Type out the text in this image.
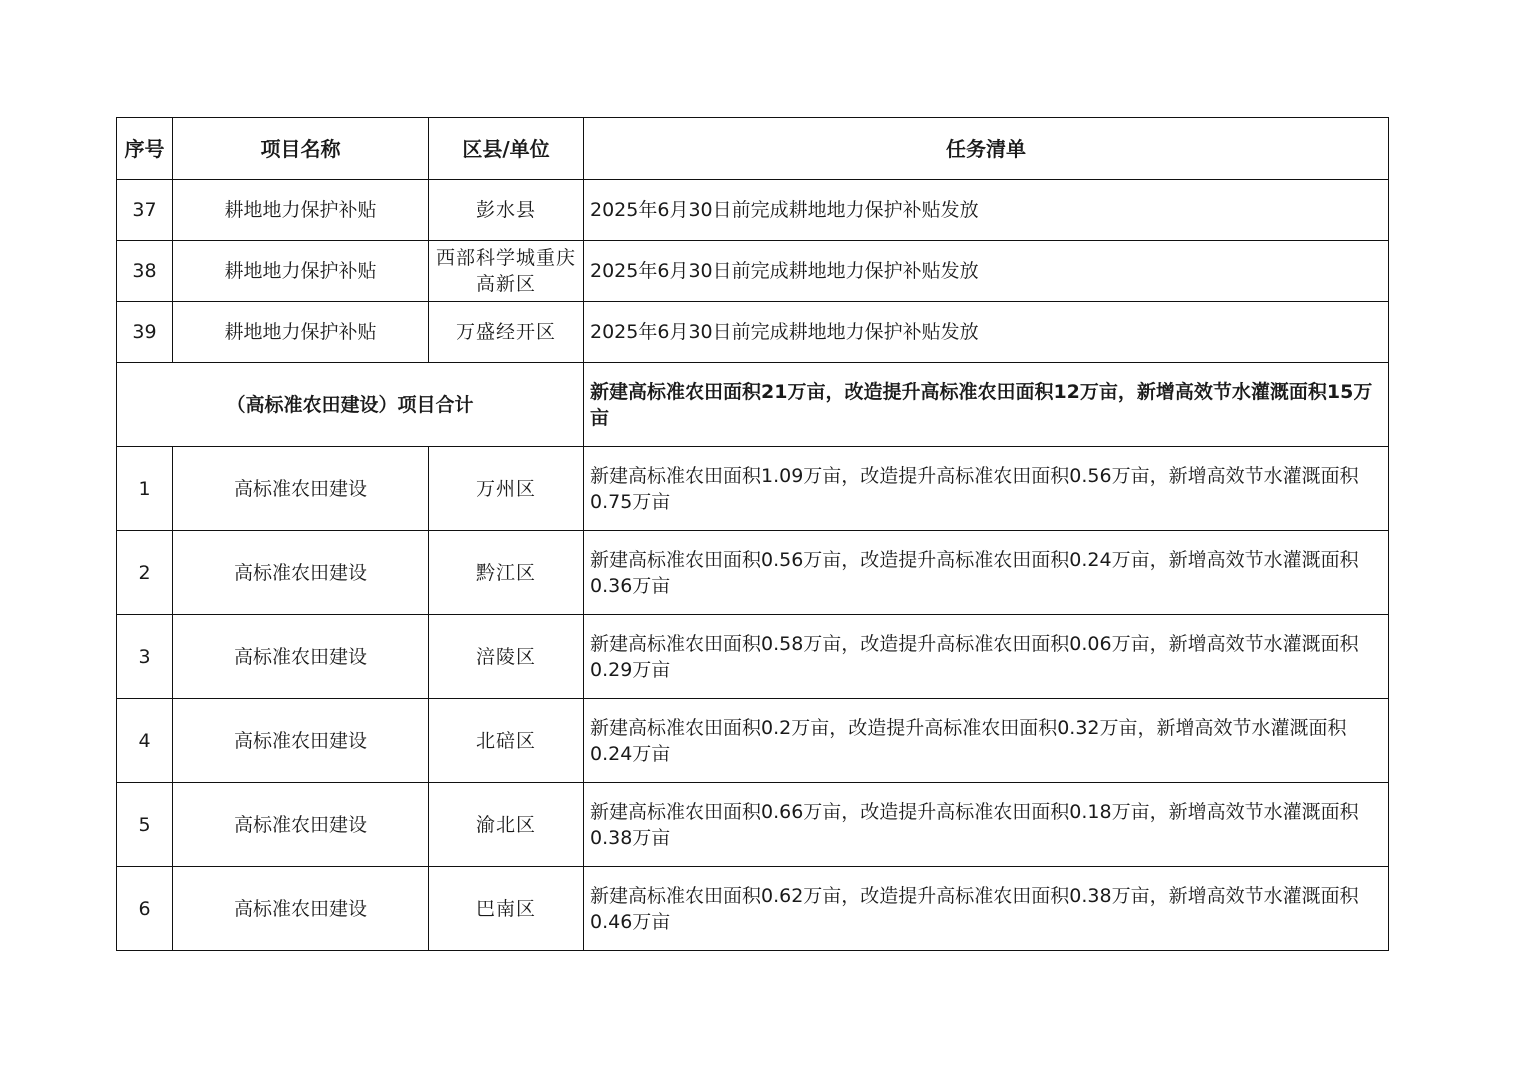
序号	项目名称	区县/单位	任务清单
37	耕地地力保护补贴	彭水县	2025年6月30日前完成耕地地力保护补贴发放
38	耕地地力保护补贴	西部科学城重庆高新区	2025年6月30日前完成耕地地力保护补贴发放
39	耕地地力保护补贴	万盛经开区	2025年6月30日前完成耕地地力保护补贴发放
（高标准农田建设）项目合计			新建高标准农田面积21万亩，改造提升高标准农田面积12万亩，新增高效节水灌溉面积15万亩
1	高标准农田建设	万州区	新建高标准农田面积1.09万亩，改造提升高标准农田面积0.56万亩，新增高效节水灌溉面积0.75万亩
2	高标准农田建设	黔江区	新建高标准农田面积0.56万亩，改造提升高标准农田面积0.24万亩，新增高效节水灌溉面积0.36万亩
3	高标准农田建设	涪陵区	新建高标准农田面积0.58万亩，改造提升高标准农田面积0.06万亩，新增高效节水灌溉面积0.29万亩
4	高标准农田建设	北碚区	新建高标准农田面积0.2万亩，改造提升高标准农田面积0.32万亩，新增高效节水灌溉面积0.24万亩
5	高标准农田建设	渝北区	新建高标准农田面积0.66万亩，改造提升高标准农田面积0.18万亩，新增高效节水灌溉面积0.38万亩
6	高标准农田建设	巴南区	新建高标准农田面积0.62万亩，改造提升高标准农田面积0.38万亩，新增高效节水灌溉面积0.46万亩
